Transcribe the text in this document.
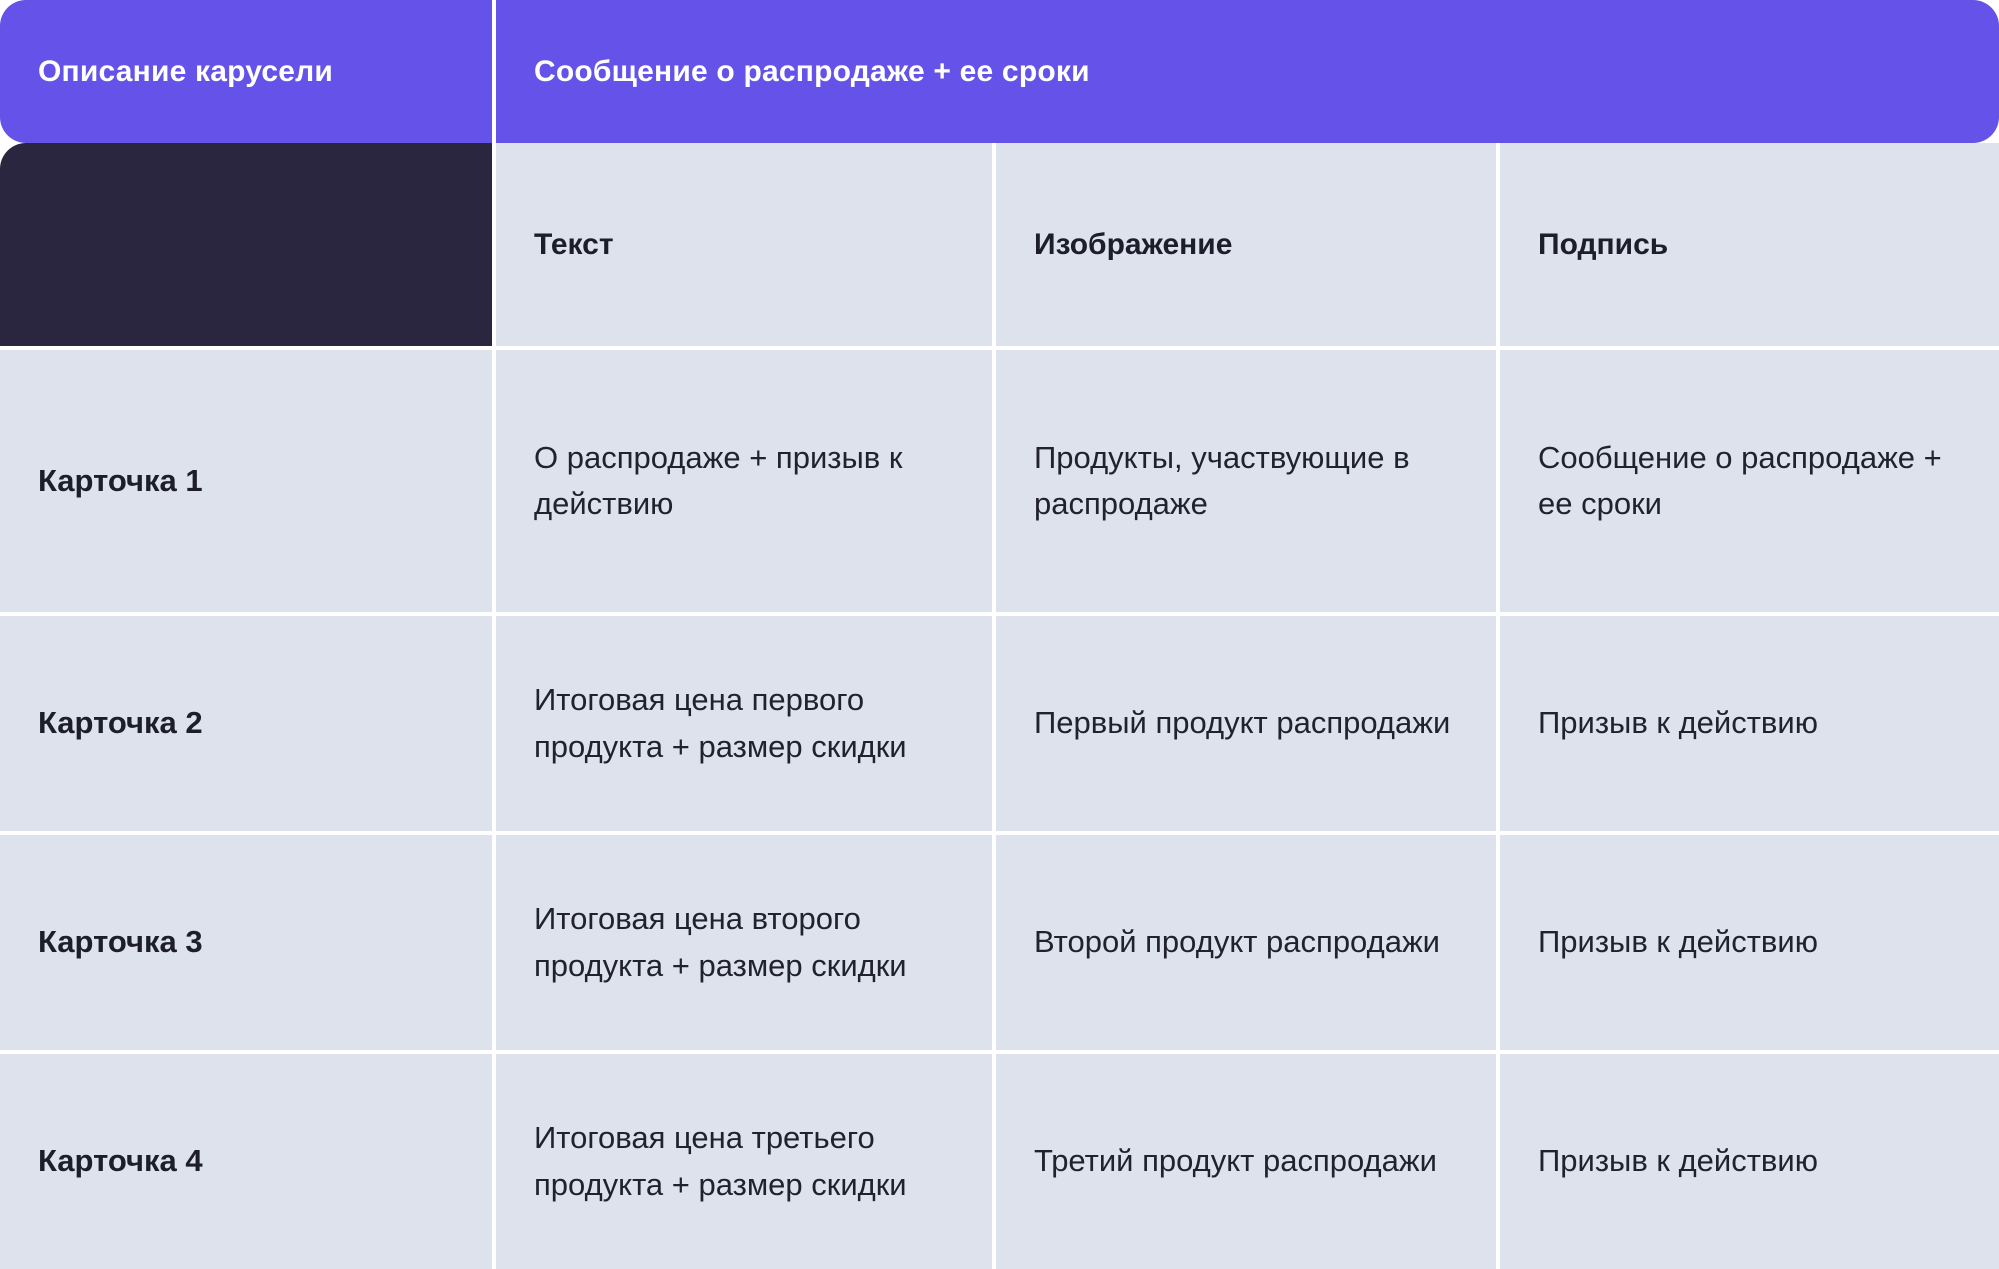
Описание карусели	Сообщение о распродаже + ее сроки		
	Текст	Изображение	Подпись
Карточка 1	О распродаже + призыв к действию	Продукты, участвующие в распродаже	Сообщение о распродаже + ее сроки
Карточка 2	Итоговая цена первого продукта + размер скидки	Первый продукт распродажи	Призыв к действию
Карточка 3	Итоговая цена второго продукта + размер скидки	Второй продукт распродажи	Призыв к действию
Карточка 4	Итоговая цена третьего продукта + размер скидки	Третий продукт распродажи	Призыв к действию
